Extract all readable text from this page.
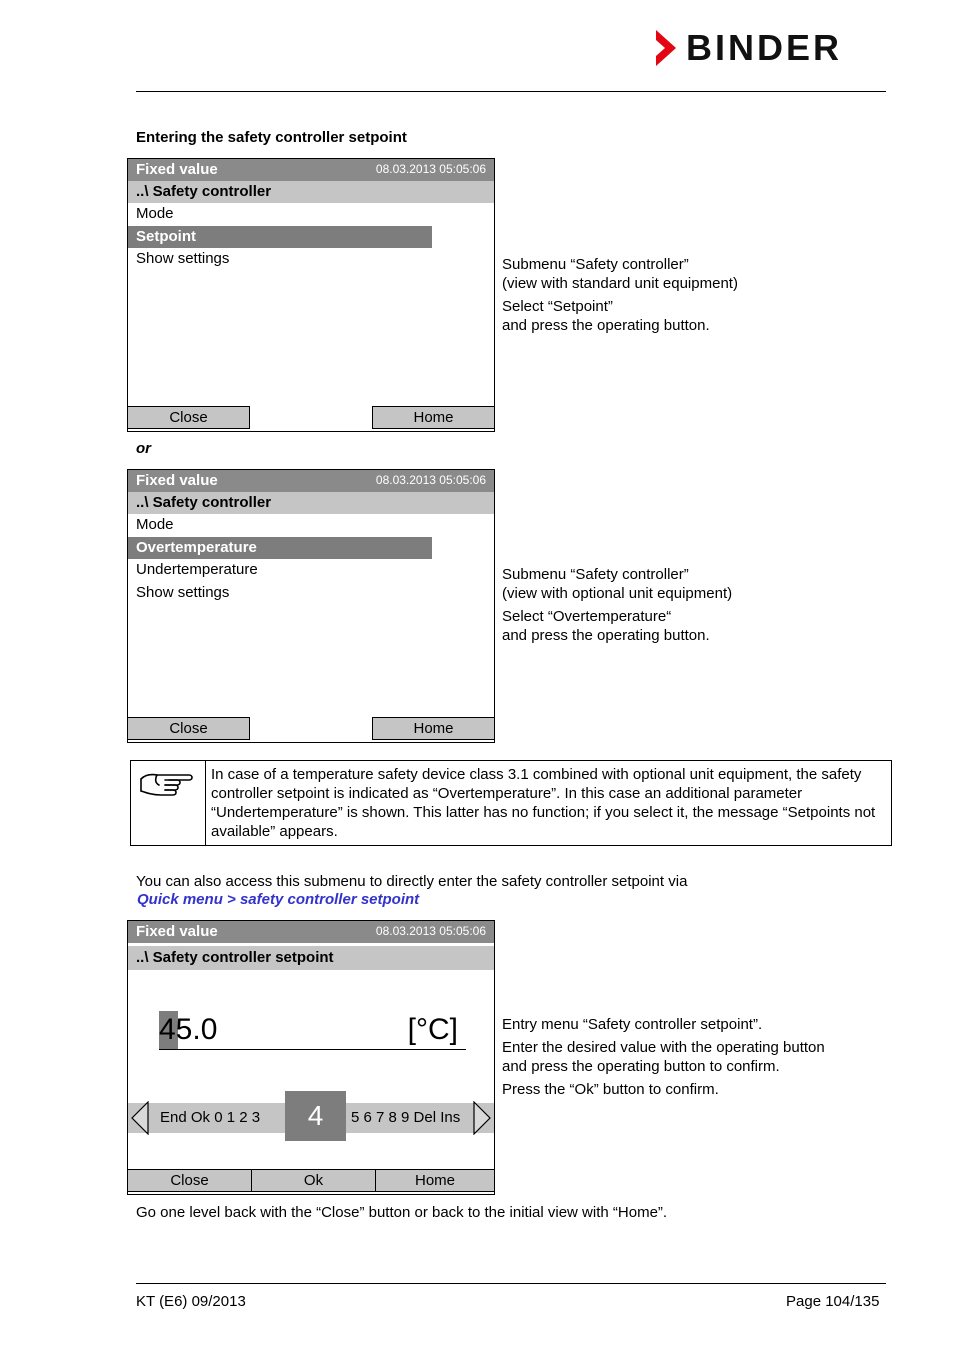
BINDER
Entering the safety controller setpoint
Fixed value	08.03.2013 05:05:06
..\ Safety controller
Mode
Setpoint
Show settings
Close	Home
Submenu “Safety controller”
(view with standard unit equipment)
Select “Setpoint”
and press the operating button.
or
Fixed value	08.03.2013 05:05:06
..\ Safety controller
Mode
Overtemperature
Undertemperature
Show settings
Close	Home
Submenu “Safety controller”
(view with optional unit equipment)
Select “Overtemperature“
and press the operating button.
In case of a temperature safety device class 3.1 combined with optional unit equipment, the safety controller setpoint is indicated as “Overtemperature”. In this case an additional parameter “Undertemperature” is shown. This latter has no function; if you select it, the message “Setpoints not available” appears.
You can also access this submenu to directly enter the safety controller setpoint via
Quick menu > safety controller setpoint
Fixed value	08.03.2013 05:05:06
..\ Safety controller setpoint
45.0	[°C]
End Ok 0 1 2 3	5 6 7 8 9 Del Ins
4
Close	Ok	Home
Entry menu “Safety controller setpoint”.
Enter the desired value with the operating button
and press the operating button to confirm.
Press the “Ok” button to confirm.
Go one level back with the “Close” button or back to the initial view with “Home”.
KT (E6) 09/2013	Page 104/135
